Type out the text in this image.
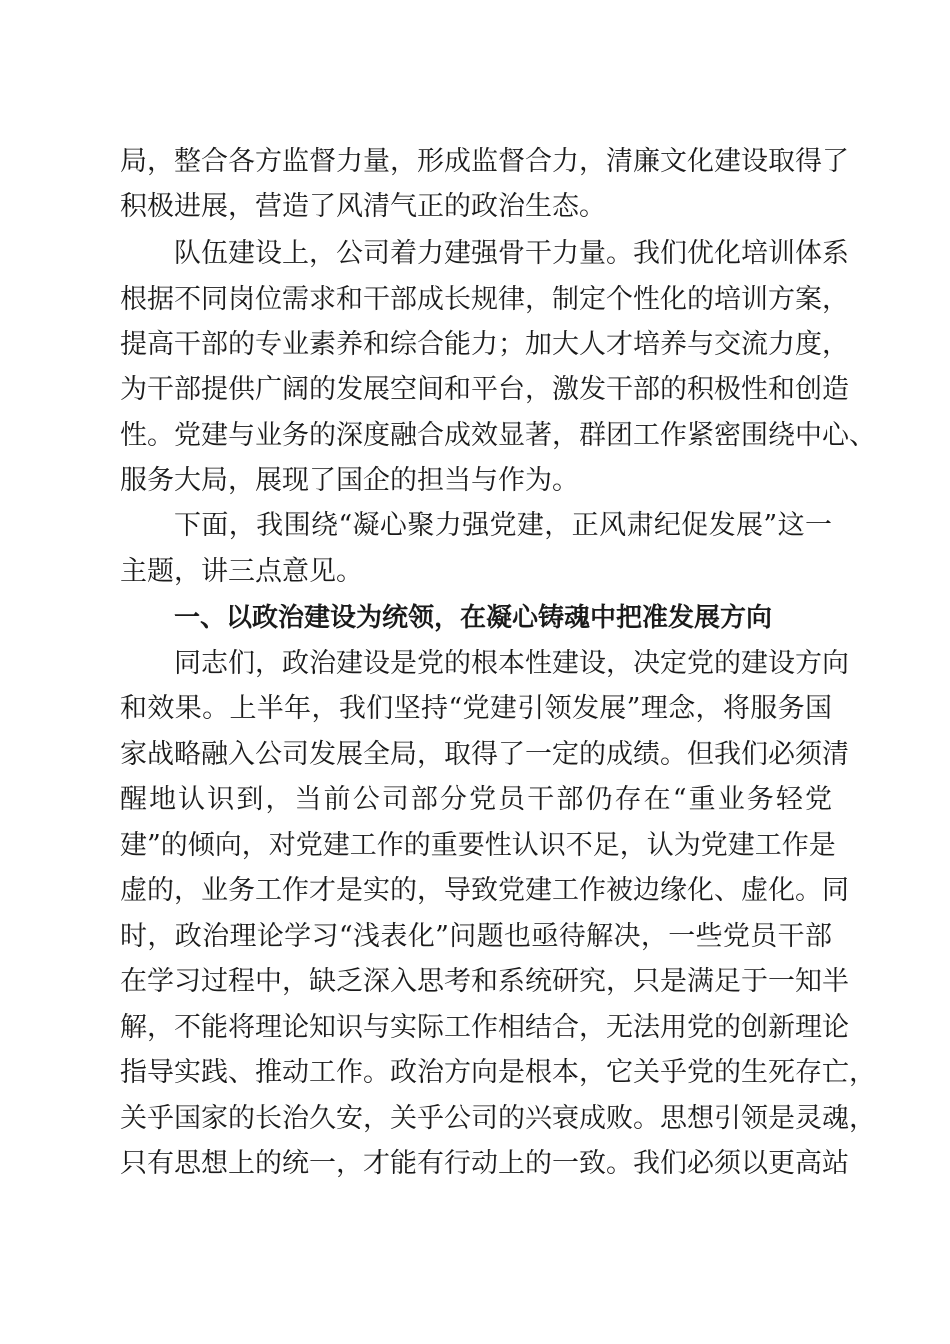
局，整合各方监督力量，形成监督合力，清廉文化建设取得了
积极进展，营造了风清气正的政治生态。
队伍建设上，公司着力建强骨干力量。我们优化培训体系
根据不同岗位需求和干部成长规律，制定个性化的培训方案，
提高干部的专业素养和综合能力；加大人才培养与交流力度，
为干部提供广阔的发展空间和平台，激发干部的积极性和创造
性。党建与业务的深度融合成效显著，群团工作紧密围绕中心、
服务大局，展现了国企的担当与作为。
下面，我围绕“凝心聚力强党建，正风肃纪促发展”这一
主题，讲三点意见。
一、以政治建设为统领，在凝心铸魂中把准发展方向
同志们，政治建设是党的根本性建设，决定党的建设方向
和效果。上半年，我们坚持“党建引领发展”理念，将服务国
家战略融入公司发展全局，取得了一定的成绩。但我们必须清
醒地认识到，当前公司部分党员干部仍存在“重业务轻党
建”的倾向，对党建工作的重要性认识不足，认为党建工作是
虚的，业务工作才是实的，导致党建工作被边缘化、虚化。同
时，政治理论学习“浅表化”问题也亟待解决，一些党员干部
在学习过程中，缺乏深入思考和系统研究，只是满足于一知半
解，不能将理论知识与实际工作相结合，无法用党的创新理论
指导实践、推动工作。政治方向是根本，它关乎党的生死存亡，
关乎国家的长治久安，关乎公司的兴衰成败。思想引领是灵魂，
只有思想上的统一，才能有行动上的一致。我们必须以更高站
